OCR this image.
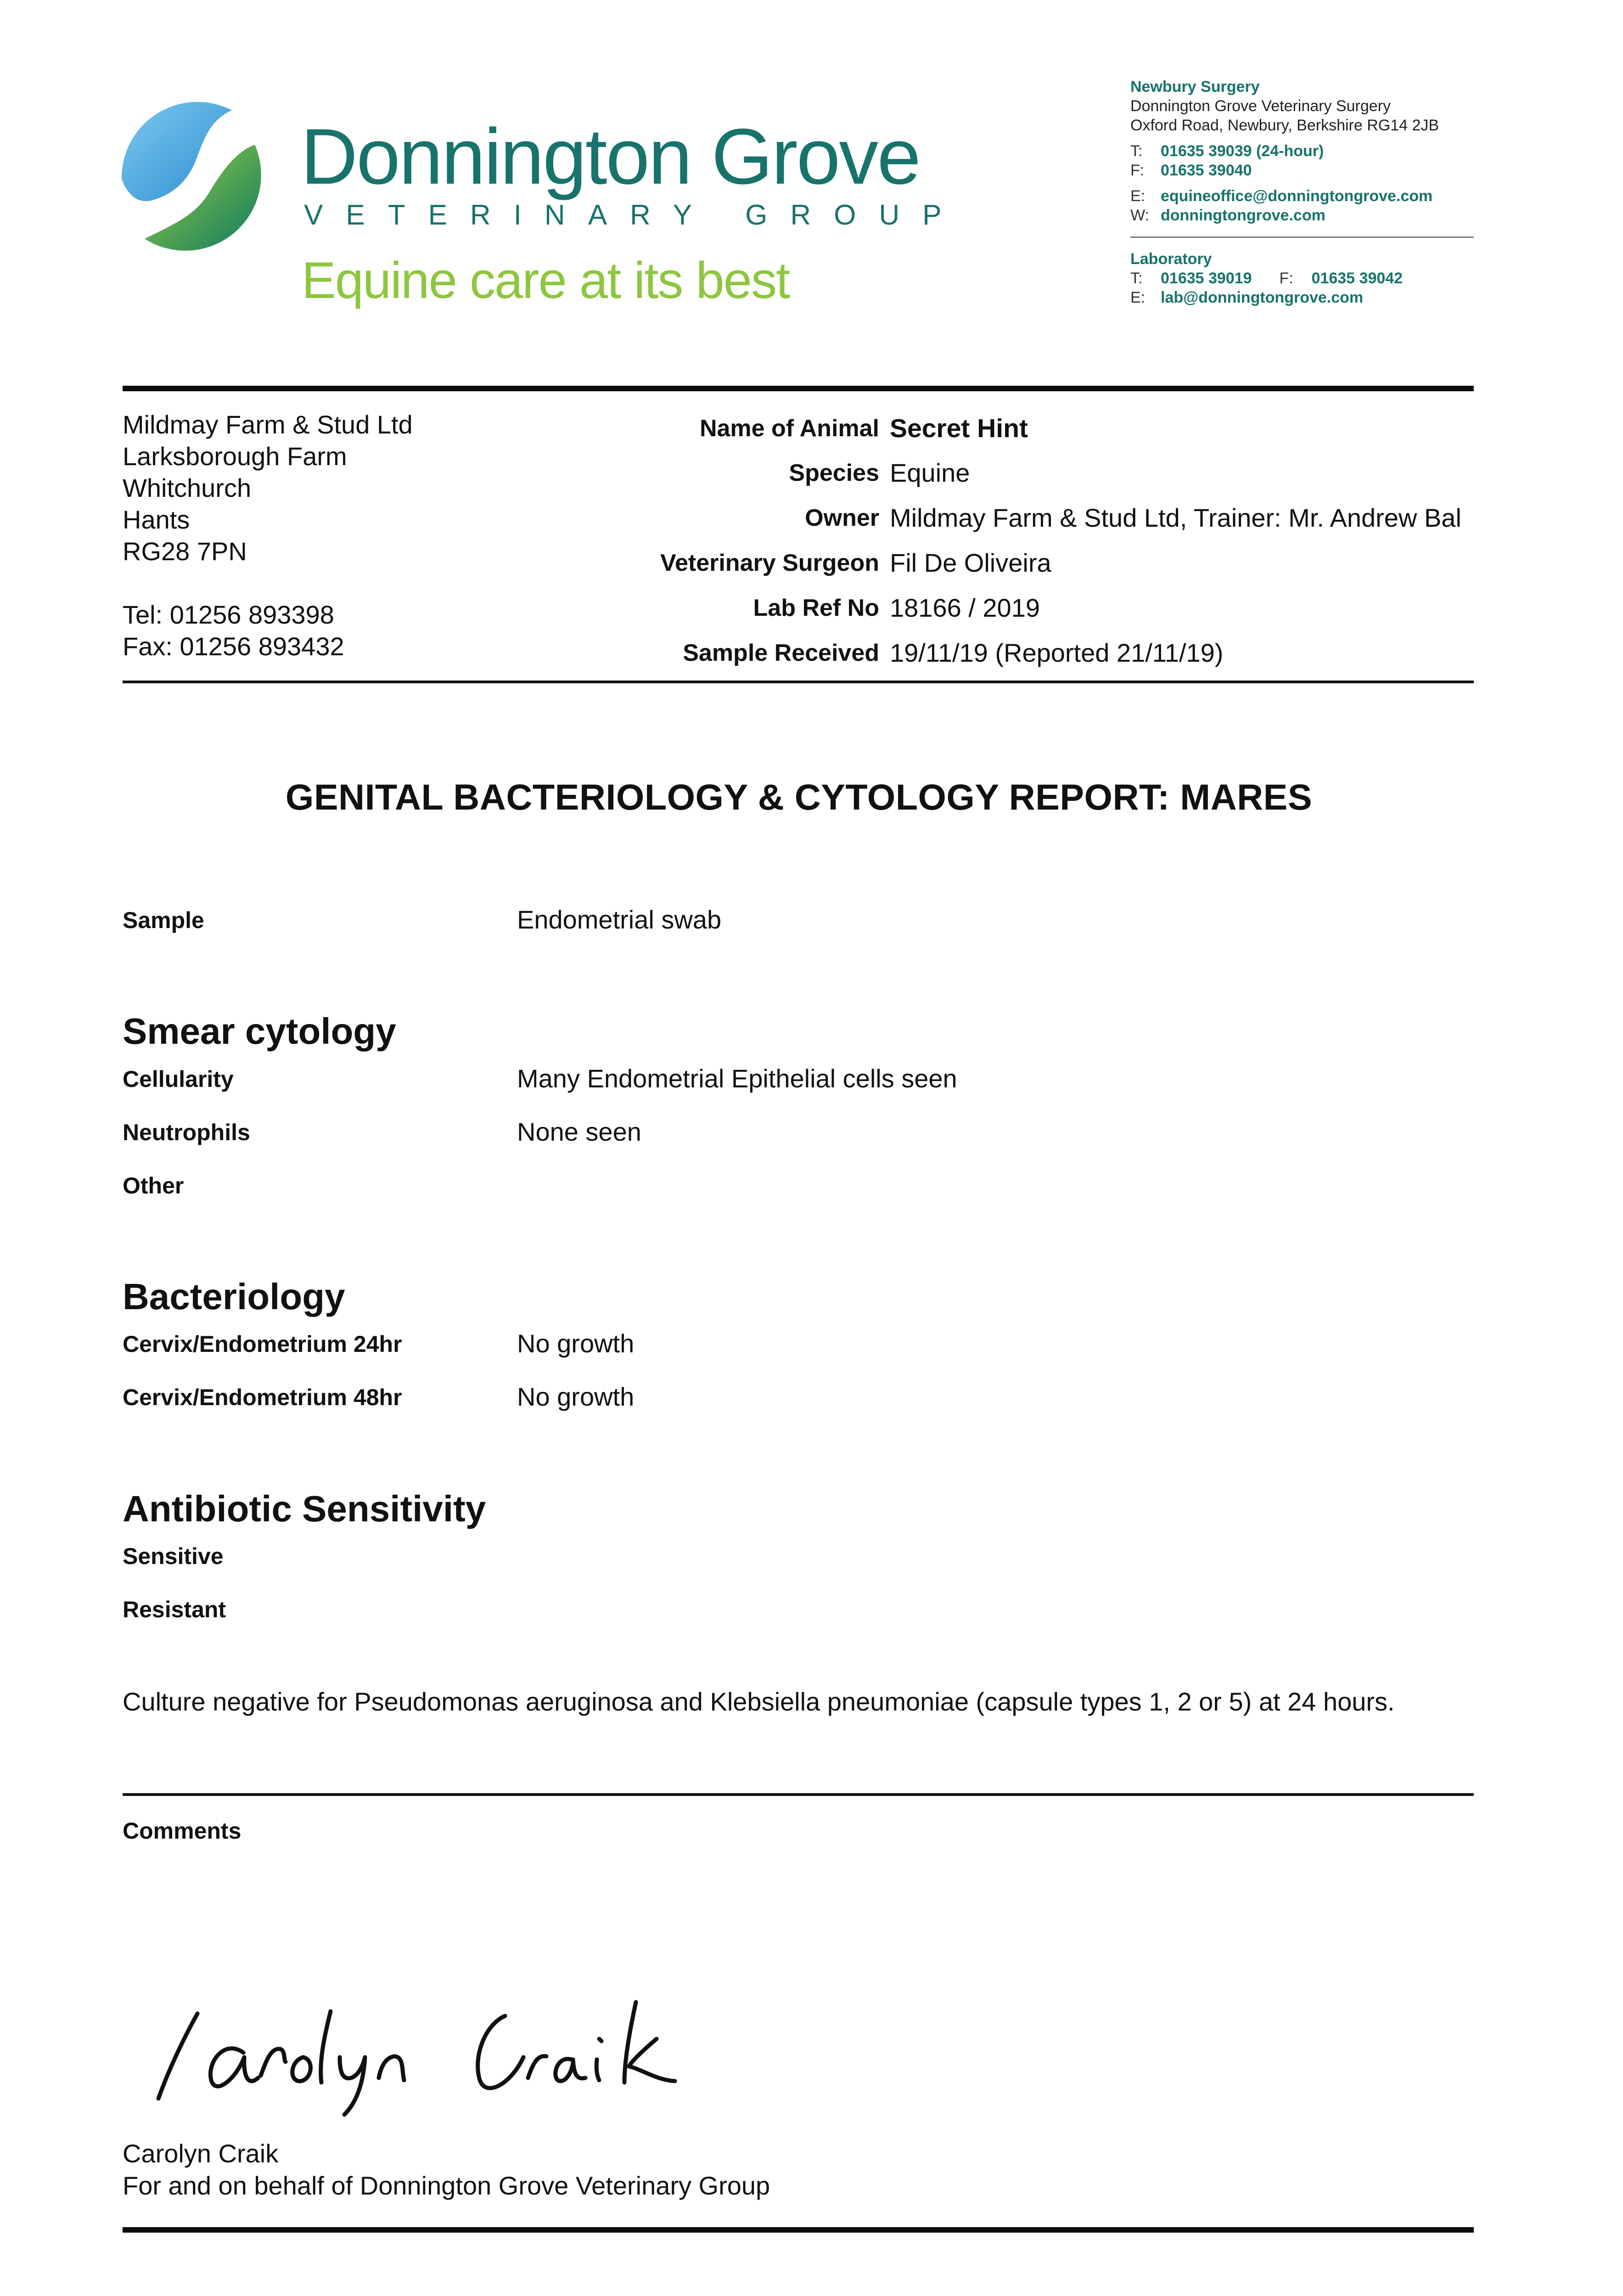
Donnington Grove
VETERINARY GROUP
Equine care at its best
Newbury Surgery
Donnington Grove Veterinary Surgery
Oxford Road, Newbury, Berkshire RG14 2JB
T: 01635 39039 (24-hour)
F: 01635 39040
E: equineoffice@donningtongrove.com
W: donningtongrove.com
Laboratory
T: 01635 39019 F: 01635 39042
E: lab@donningtongrove.com
Mildmay Farm & Stud Ltd
Larksborough Farm
Whitchurch
Hants
RG28 7PN
Tel: 01256 893398
Fax: 01256 893432
Name of Animal Secret Hint
Species Equine
Owner Mildmay Farm & Stud Ltd, Trainer: Mr. Andrew Bal
Veterinary Surgeon Fil De Oliveira
Lab Ref No 18166 / 2019
Sample Received 19/11/19 (Reported 21/11/19)
GENITAL BACTERIOLOGY & CYTOLOGY REPORT: MARES
Sample	Endometrial swab
Smear cytology
Cellularity	Many Endometrial Epithelial cells seen
Neutrophils	None seen
Other
Bacteriology
Cervix/Endometrium 24hr	No growth
Cervix/Endometrium 48hr	No growth
Antibiotic Sensitivity
Sensitive
Resistant
Culture negative for Pseudomonas aeruginosa and Klebsiella pneumoniae (capsule types 1, 2 or 5) at 24 hours.
Comments
Carolyn Craik
For and on behalf of Donnington Grove Veterinary Group
